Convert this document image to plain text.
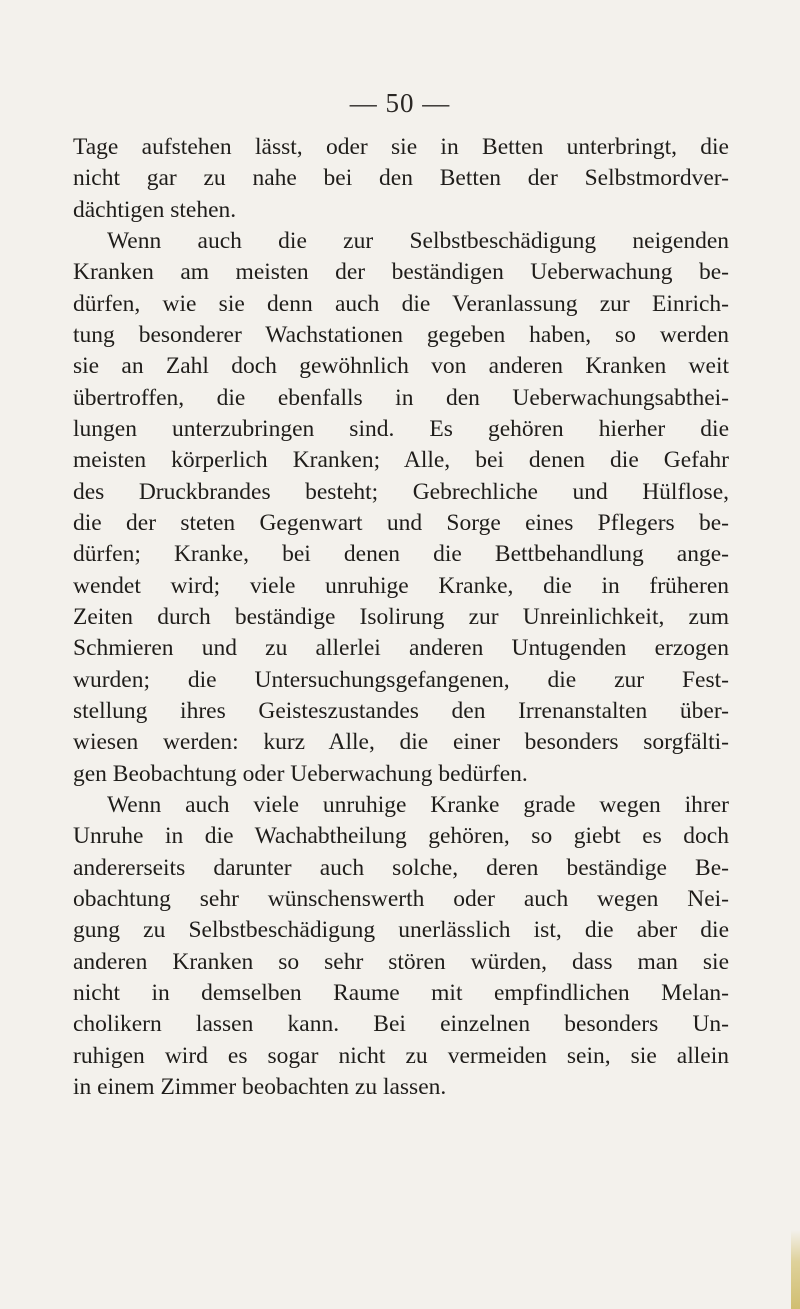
— 50 —
Tage aufstehen lässt, oder sie in Betten unterbringt, die
nicht gar zu nahe bei den Betten der Selbstmordver-
dächtigen stehen.
Wenn auch die zur Selbstbeschädigung neigenden
Kranken am meisten der beständigen Ueberwachung be-
dürfen, wie sie denn auch die Veranlassung zur Einrich-
tung besonderer Wachstationen gegeben haben, so werden
sie an Zahl doch gewöhnlich von anderen Kranken weit
übertroffen, die ebenfalls in den Ueberwachungsabthei-
lungen unterzubringen sind. Es gehören hierher die
meisten körperlich Kranken; Alle, bei denen die Gefahr
des Druckbrandes besteht; Gebrechliche und Hülflose,
die der steten Gegenwart und Sorge eines Pflegers be-
dürfen; Kranke, bei denen die Bettbehandlung ange-
wendet wird; viele unruhige Kranke, die in früheren
Zeiten durch beständige Isolirung zur Unreinlichkeit, zum
Schmieren und zu allerlei anderen Untugenden erzogen
wurden; die Untersuchungsgefangenen, die zur Fest-
stellung ihres Geisteszustandes den Irrenanstalten über-
wiesen werden: kurz Alle, die einer besonders sorgfälti-
gen Beobachtung oder Ueberwachung bedürfen.
Wenn auch viele unruhige Kranke grade wegen ihrer
Unruhe in die Wachabtheilung gehören, so giebt es doch
andererseits darunter auch solche, deren beständige Be-
obachtung sehr wünschenswerth oder auch wegen Nei-
gung zu Selbstbeschädigung unerlässlich ist, die aber die
anderen Kranken so sehr stören würden, dass man sie
nicht in demselben Raume mit empfindlichen Melan-
cholikern lassen kann. Bei einzelnen besonders Un-
ruhigen wird es sogar nicht zu vermeiden sein, sie allein
in einem Zimmer beobachten zu lassen.
